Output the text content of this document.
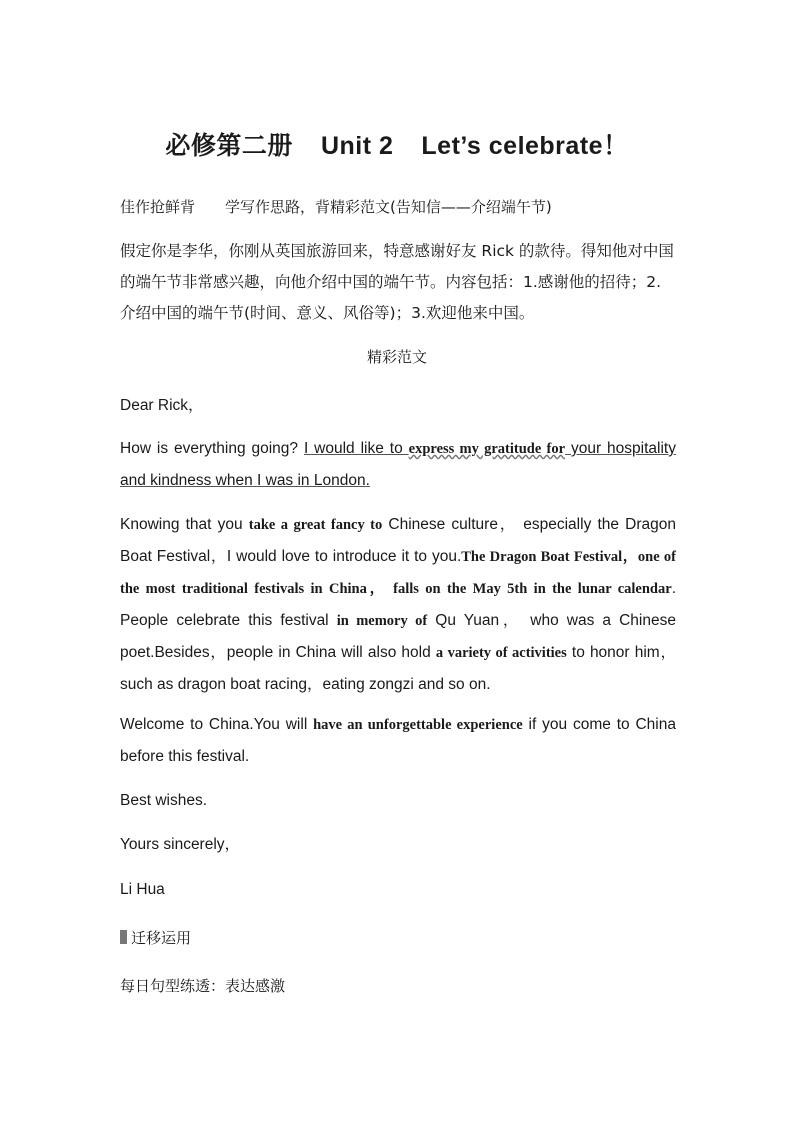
必修第二册 Unit 2 Let’s celebrate！
佳作抢鲜背 学写作思路，背精彩范文(告知信——介绍端午节)
假定你是李华，你刚从英国旅游回来，特意感谢好友 Rick 的款待。得知他对中国的端午节非常感兴趣，向他介绍中国的端午节。内容包括：1.感谢他的招待；2.介绍中国的端午节(时间、意义、风俗等)；3.欢迎他来中国。
精彩范文
Dear Rick，
How is everything going? I would like to express my gratitude for your hospitality and kindness when I was in London.
Knowing that you take a great fancy to Chinese culture， especially the Dragon Boat Festival，I would love to introduce it to you.The Dragon Boat Festival，one of the most traditional festivals in China， falls on the May 5th in the lunar calendar. People celebrate this festival in memory of Qu Yuan， who was a Chinese poet.Besides，people in China will also hold a variety of activities to honor him，such as dragon boat racing，eating zongzi and so on.
Welcome to China.You will have an unforgettable experience if you come to China before this festival.
Best wishes.
Yours sincerely，
Li Hua
迁移运用
每日句型练透：表达感激
